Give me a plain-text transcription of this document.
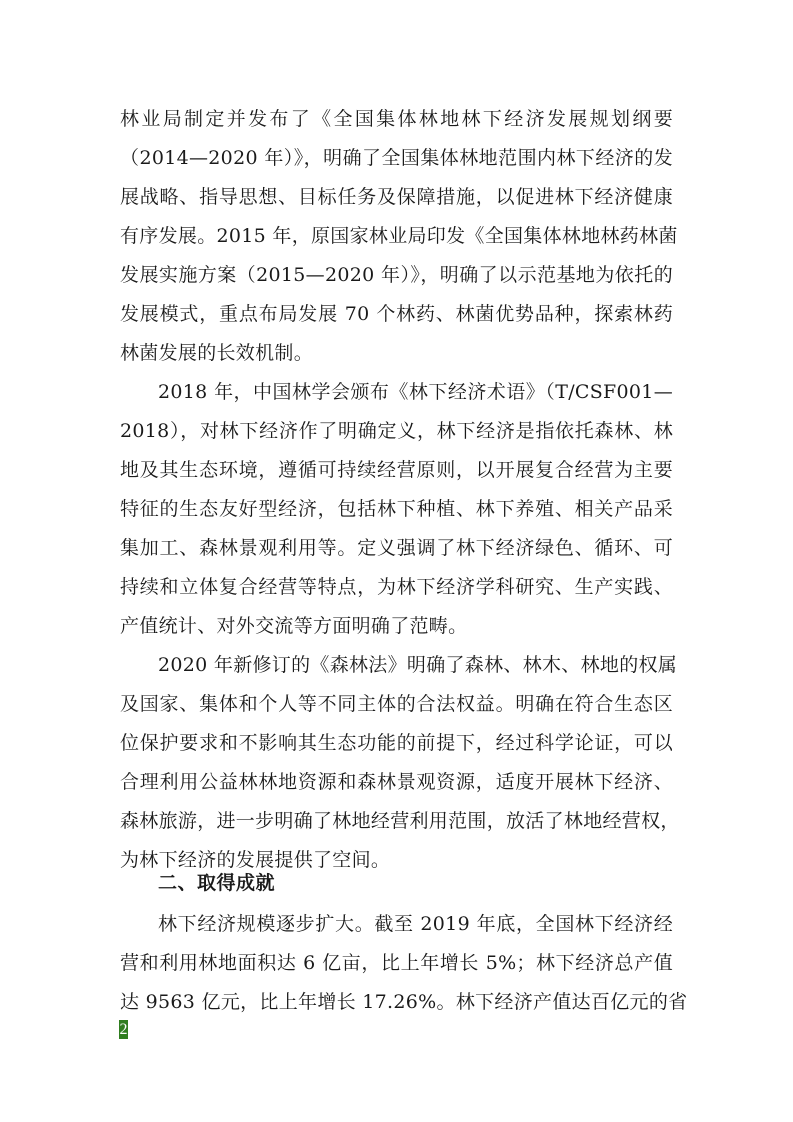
林业局制定并发布了《全国集体林地林下经济发展规划纲要
（2014—2020 年）》，明确了全国集体林地范围内林下经济的发
展战略、指导思想、目标任务及保障措施，以促进林下经济健康
有序发展。2015 年，原国家林业局印发《全国集体林地林药林菌
发展实施方案（2015—2020 年）》，明确了以示范基地为依托的
发展模式，重点布局发展 70 个林药、林菌优势品种，探索林药
林菌发展的长效机制。
2018 年，中国林学会颁布《林下经济术语》（T/CSF001—
2018），对林下经济作了明确定义，林下经济是指依托森林、林
地及其生态环境，遵循可持续经营原则，以开展复合经营为主要
特征的生态友好型经济，包括林下种植、林下养殖、相关产品采
集加工、森林景观利用等。定义强调了林下经济绿色、循环、可
持续和立体复合经营等特点，为林下经济学科研究、生产实践、
产值统计、对外交流等方面明确了范畴。
2020 年新修订的《森林法》明确了森林、林木、林地的权属
及国家、集体和个人等不同主体的合法权益。明确在符合生态区
位保护要求和不影响其生态功能的前提下，经过科学论证，可以
合理利用公益林林地资源和森林景观资源，适度开展林下经济、
森林旅游，进一步明确了林地经营利用范围，放活了林地经营权，
为林下经济的发展提供了空间。
二、取得成就
林下经济规模逐步扩大。截至 2019 年底，全国林下经济经
营和利用林地面积达 6 亿亩，比上年增长 5%；林下经济总产值
达 9563 亿元，比上年增长 17.26%。林下经济产值达百亿元的省
2
